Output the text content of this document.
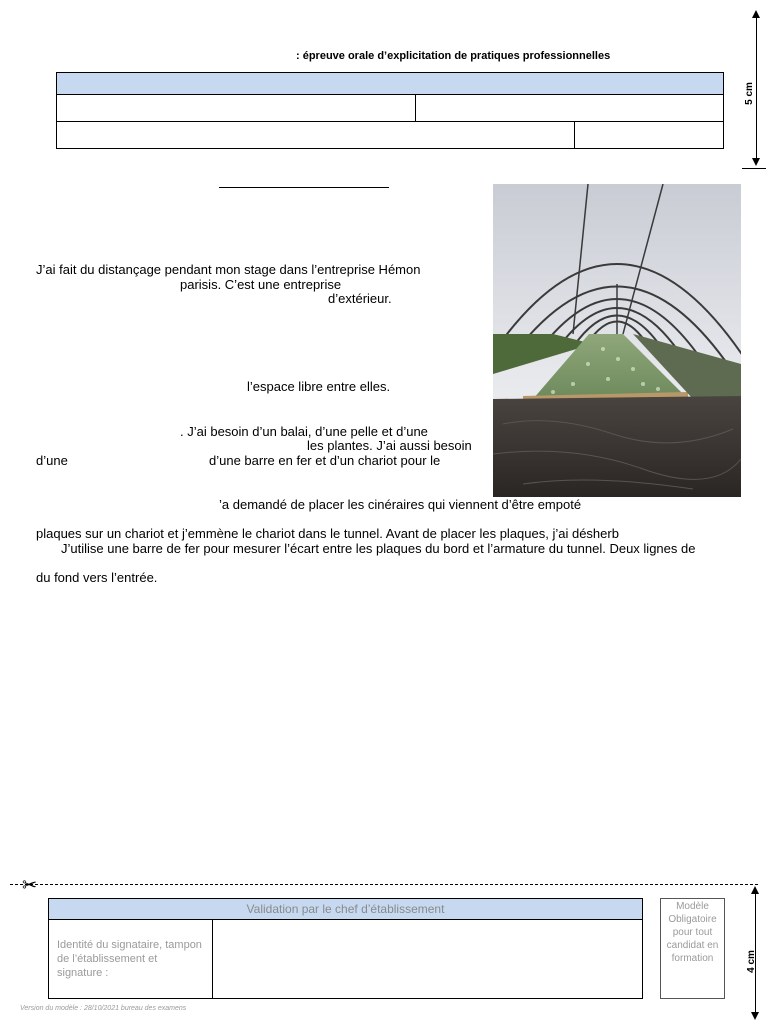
: épreuve orale d’explicitation de pratiques professionnelles
5 cm
J’ai fait du distançage pendant mon stage dans l’entreprise Hémon
parisis. C’est une entreprise
d’extérieur.
l’espace libre entre elles.
. J’ai besoin d’un balai, d’une pelle et d’une
les plantes. J’ai aussi besoin
d’une	d’une barre en fer et d’un chariot pour le
’a demandé de placer les cinéraires qui viennent d’être empoté
plaques sur un chariot et j’emmène le chariot dans le tunnel. Avant de placer les plaques, j’ai désherb
J’utilise une barre de fer pour mesurer l’écart entre les plaques du bord et l’armature du tunnel. Deux lignes de
du fond vers l’entrée.
✂
Validation par le chef d’établissement
Identité du signataire, tampon de l’établissement et signature :
Modèle Obligatoire pour tout candidat en formation	4 cm
Version du modèle : 28/10/2021 bureau des examens
